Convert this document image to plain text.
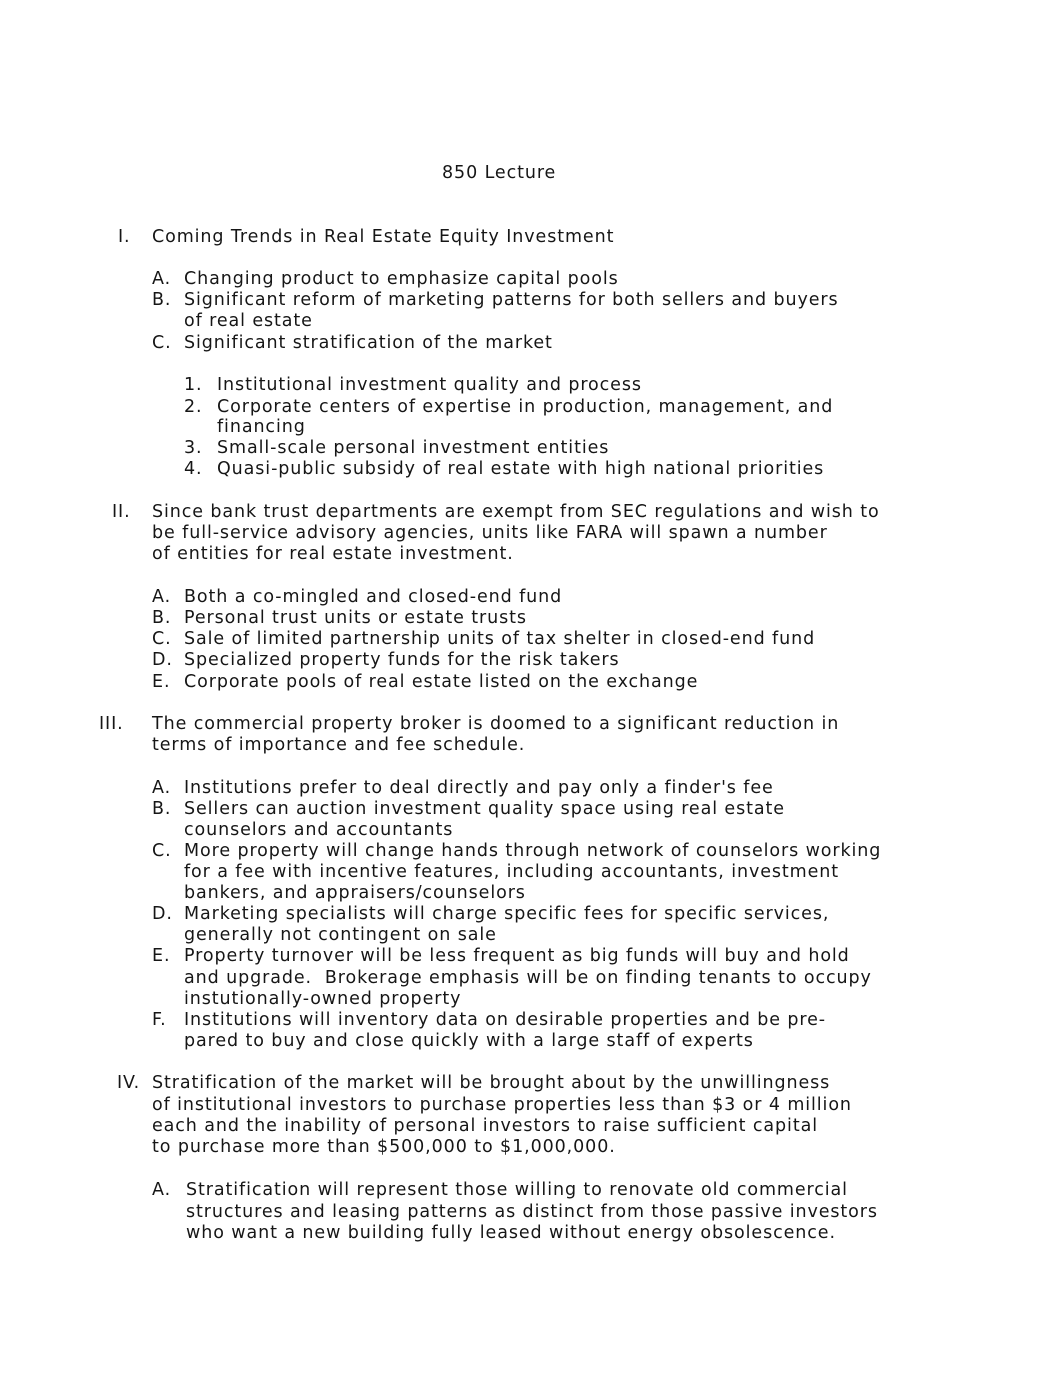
850 Lecture
I. Coming Trends in Real Estate Equity Investment
A. Changing product to emphasize capital pools
B. Significant reform of marketing patterns for both sellers and buyers
of real estate
C. Significant stratification of the market
1. Institutional investment quality and process
2. Corporate centers of expertise in production, management, and
financing
3. Small-scale personal investment entities
4. Quasi-public subsidy of real estate with high national priorities
II. Since bank trust departments are exempt from SEC regulations and wish to
be full-service advisory agencies, units like FARA will spawn a number
of entities for real estate investment.
A. Both a co-mingled and closed-end fund
B. Personal trust units or estate trusts
C. Sale of limited partnership units of tax shelter in closed-end fund
D. Specialized property funds for the risk takers
E. Corporate pools of real estate listed on the exchange
III. The commercial property broker is doomed to a significant reduction in
terms of importance and fee schedule.
A. Institutions prefer to deal directly and pay only a finder's fee
B. Sellers can auction investment quality space using real estate
counselors and accountants
C. More property will change hands through network of counselors working
for a fee with incentive features, including accountants, investment
bankers, and appraisers/counselors
D. Marketing specialists will charge specific fees for specific services,
generally not contingent on sale
E. Property turnover will be less frequent as big funds will buy and hold
and upgrade.  Brokerage emphasis will be on finding tenants to occupy
instutionally-owned property
F. Institutions will inventory data on desirable properties and be pre-
pared to buy and close quickly with a large staff of experts
IV. Stratification of the market will be brought about by the unwillingness
of institutional investors to purchase properties less than $3 or 4 million
each and the inability of personal investors to raise sufficient capital
to purchase more than $500,000 to $1,000,000.
A. Stratification will represent those willing to renovate old commercial
structures and leasing patterns as distinct from those passive investors
who want a new building fully leased without energy obsolescence.
